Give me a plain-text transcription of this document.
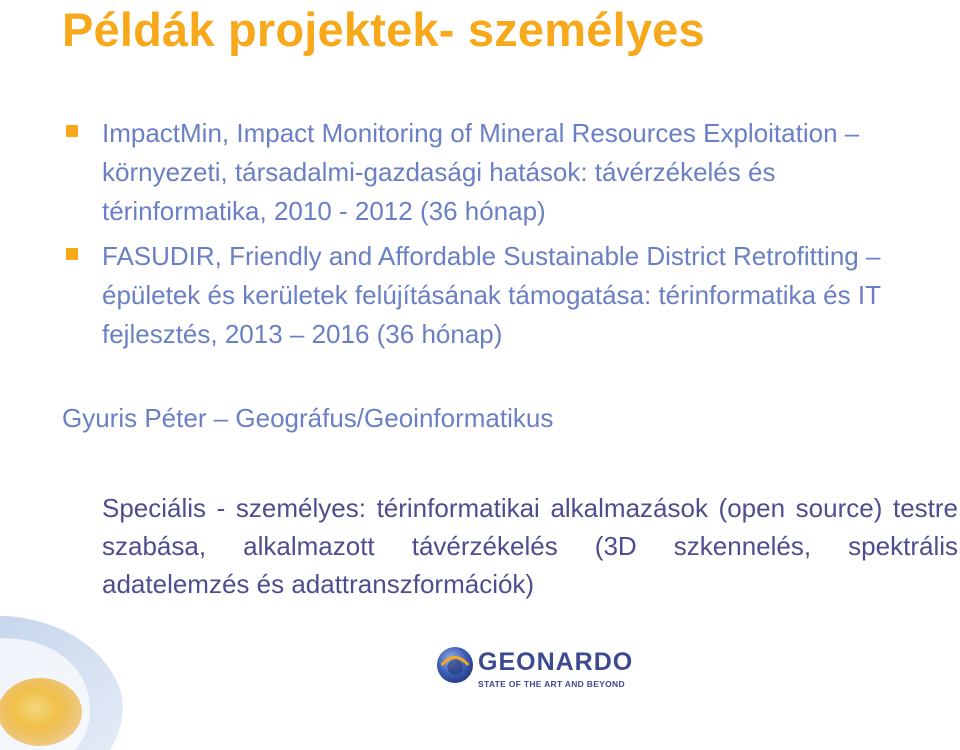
Példák projektek- személyes
ImpactMin, Impact Monitoring of Mineral Resources Exploitation – környezeti, társadalmi-gazdasági hatások: távérzékelés és térinformatika, 2010 - 2012 (36 hónap)
FASUDIR, Friendly and Affordable Sustainable District Retrofitting – épületek és kerületek felújításának támogatása: térinformatika és IT fejlesztés, 2013 – 2016 (36 hónap)

Gyuris Péter – Geográfus/Geoinformatikus

Speciális - személyes: térinformatikai alkalmazások (open source) testre szabása, alkalmazott távérzékelés (3D szkennelés, spektrális adatelemzés és adattranszformációk)

GEONARDO
STATE OF THE ART AND BEYOND
